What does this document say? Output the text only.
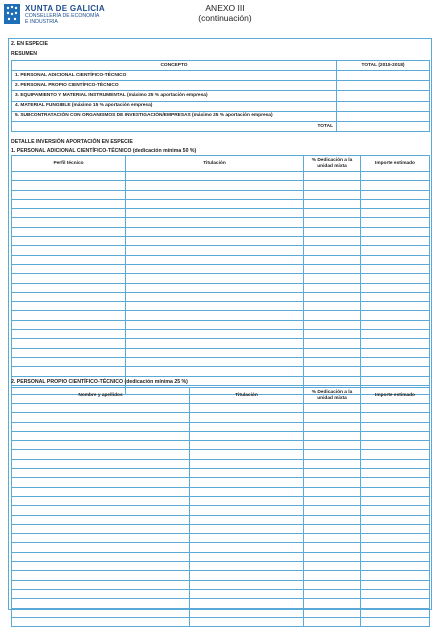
XUNTA DE GALICIA
CONSELLERÍA DE ECONOMÍA
E INDUSTRIA
ANEXO III
(continuación)
2. EN ESPECIE
RESUMEN
CONCEPTO	TOTAL (2015-2018)
1. PERSONAL ADICIONAL CIENTÍFICO-TÉCNICO	
2. PERSONAL PROPIO CIENTÍFICO-TÉCNICO	
3. EQUIPAMIENTO Y MATERIAL INSTRUMENTAL (máximo 25 % aportación empresa)	
4. MATERIAL FUNGIBLE (máximo 15 % aportación empresa)	
5. SUBCONTRATACIÓN CON ORGANISMOS DE INVESTIGACIÓN/EMPRESAS (máximo 25 % aportación empresa)	
TOTAL	
DETALLE INVERSIÓN APORTACIÓN EN ESPECIE
1. PERSONAL ADICIONAL CIENTÍFICO-TÉCNICO (dedicación mínima 50 %)
Perfil técnico	Titulación	% Dedicación a la unidad mixta	Importe estimado

2. PERSONAL PROPIO CIENTÍFICO-TÉCNICO (dedicación mínima 25 %)
Nombre y apellidos	Titulación	% Dedicación a la unidad mixta	Importe estimado
